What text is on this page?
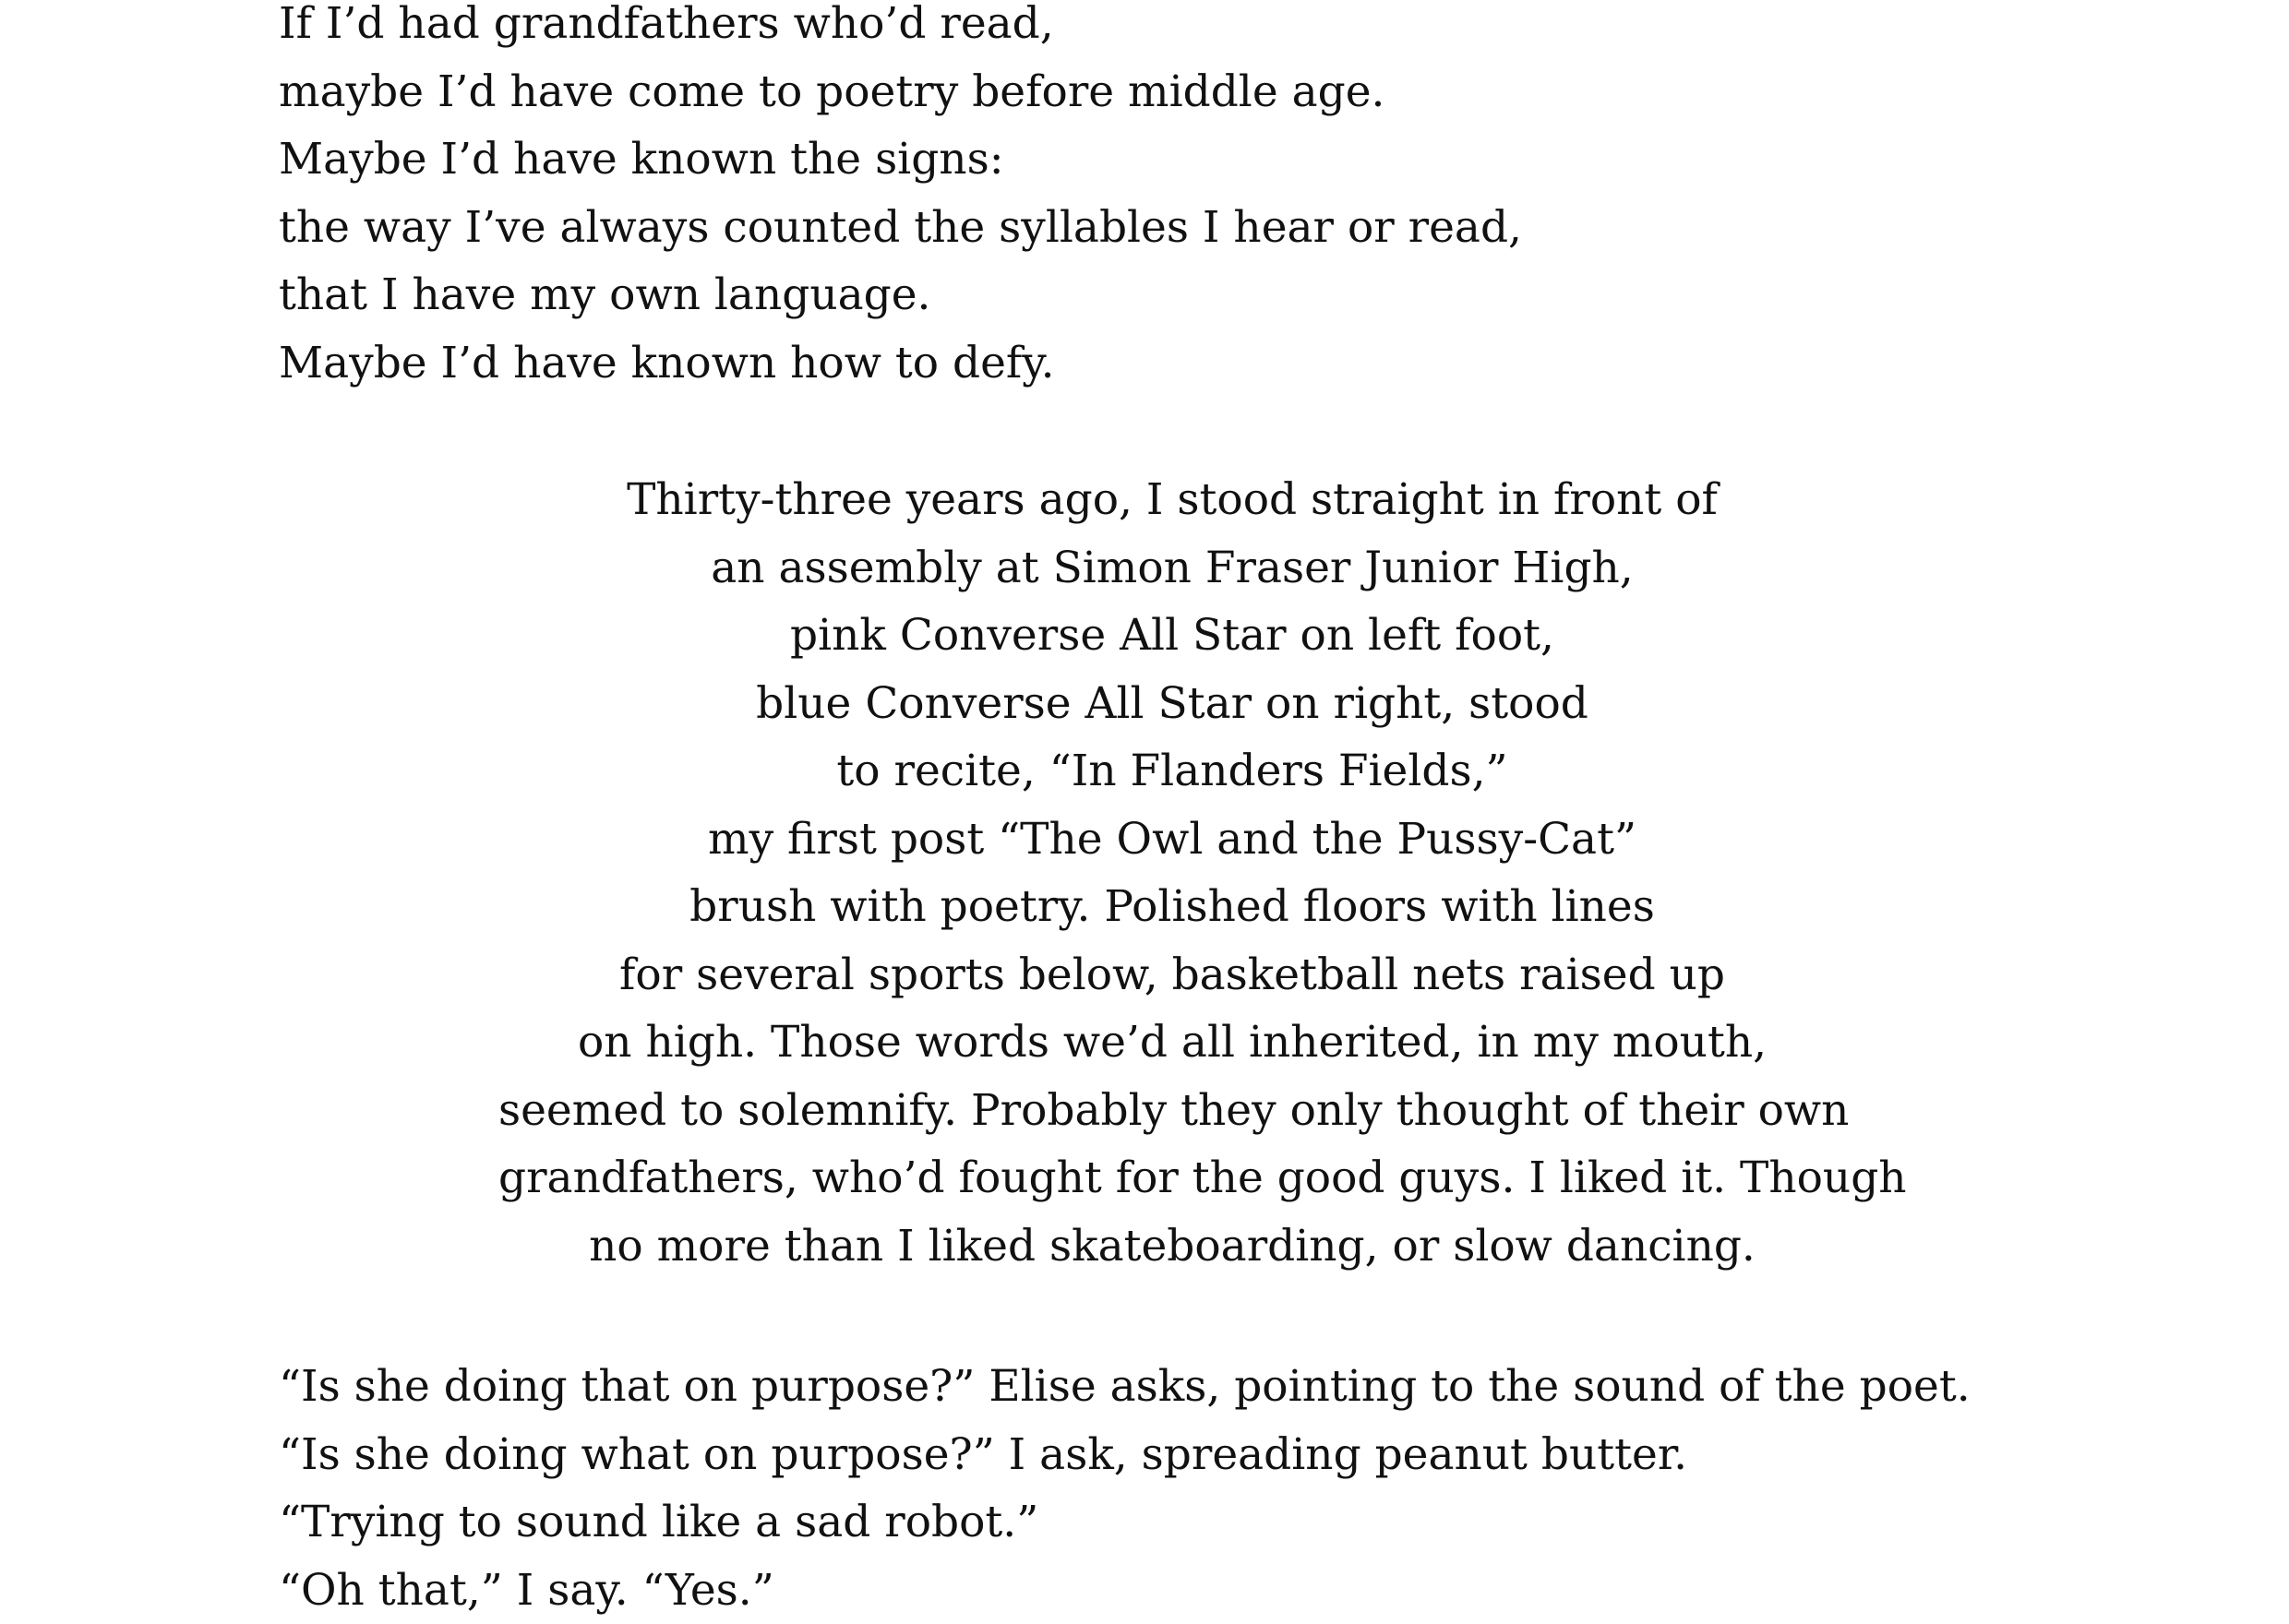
If I’d had grandfathers who’d read,
maybe I’d have come to poetry before middle age.
Maybe I’d have known the signs:
the way I’ve always counted the syllables I hear or read,
that I have my own language.
Maybe I’d have known how to defy.
Thirty-three years ago, I stood straight in front of
an assembly at Simon Fraser Junior High,
pink Converse All Star on left foot,
blue Converse All Star on right, stood
to recite, “In Flanders Fields,”
my first post “The Owl and the Pussy-Cat”
brush with poetry. Polished floors with lines
for several sports below, basketball nets raised up
on high. Those words we’d all inherited, in my mouth,
seemed to solemnify. Probably they only thought of their own
grandfathers, who’d fought for the good guys. I liked it. Though
no more than I liked skateboarding, or slow dancing.
“Is she doing that on purpose?” Elise asks, pointing to the sound of the poet.
“Is she doing what on purpose?” I ask, spreading peanut butter.
“Trying to sound like a sad robot.”
“Oh that,” I say. “Yes.”
